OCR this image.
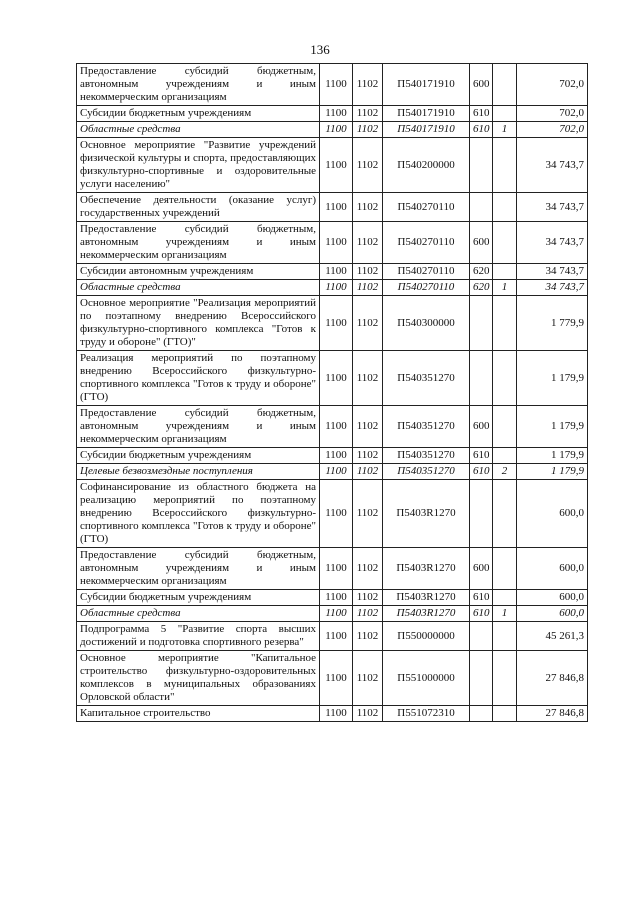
136
Предоставление субсидий бюджетным, автономным учреждениям и иным некоммерческим организациям	1100	1102	П540171910	600		702,0
Субсидии бюджетным учреждениям	1100	1102	П540171910	610		702,0
Областные средства	1100	1102	П540171910	610	1	702,0
Основное мероприятие "Развитие учреждений физической культуры и спорта, предоставляющих физкультурно-спортивные и оздоровительные услуги населению"	1100	1102	П540200000			34 743,7
Обеспечение деятельности (оказание услуг) государственных учреждений	1100	1102	П540270110			34 743,7
Предоставление субсидий бюджетным, автономным учреждениям и иным некоммерческим организациям	1100	1102	П540270110	600		34 743,7
Субсидии автономным учреждениям	1100	1102	П540270110	620		34 743,7
Областные средства	1100	1102	П540270110	620	1	34 743,7
Основное мероприятие "Реализация мероприятий по поэтапному внедрению Всероссийского физкультурно-спортивного комплекса "Готов к труду и обороне" (ГТО)"	1100	1102	П540300000			1 779,9
Реализация мероприятий по поэтапному внедрению Всероссийского физкультурно-спортивного комплекса "Готов к труду и обороне" (ГТО)	1100	1102	П540351270			1 179,9
Предоставление субсидий бюджетным, автономным учреждениям и иным некоммерческим организациям	1100	1102	П540351270	600		1 179,9
Субсидии бюджетным учреждениям	1100	1102	П540351270	610		1 179,9
Целевые безвозмездные поступления	1100	1102	П540351270	610	2	1 179,9
Софинансирование из областного бюджета на реализацию мероприятий по поэтапному внедрению Всероссийского физкультурно-спортивного комплекса "Готов к труду и обороне" (ГТО)	1100	1102	П5403R1270			600,0
Предоставление субсидий бюджетным, автономным учреждениям и иным некоммерческим организациям	1100	1102	П5403R1270	600		600,0
Субсидии бюджетным учреждениям	1100	1102	П5403R1270	610		600,0
Областные средства	1100	1102	П5403R1270	610	1	600,0
Подпрограмма 5 "Развитие спорта высших достижений и подготовка спортивного резерва"	1100	1102	П550000000			45 261,3
Основное мероприятие "Капитальное строительство физкультурно-оздоровительных комплексов в муниципальных образованиях Орловской области"	1100	1102	П551000000			27 846,8
Капитальное строительство	1100	1102	П551072310			27 846,8
